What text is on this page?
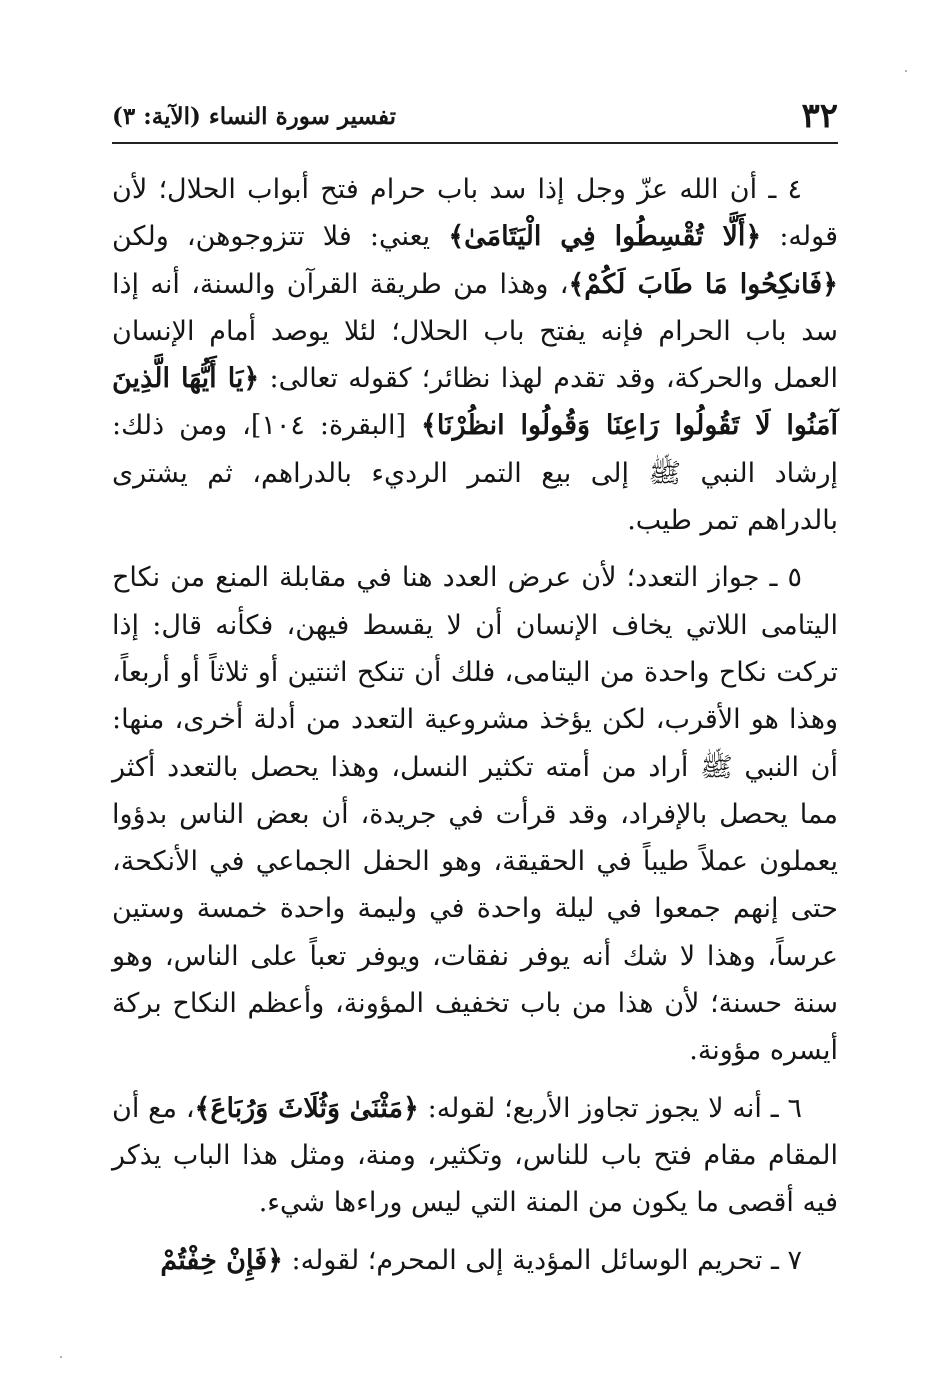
٣٢
تفسير سورة النساء (الآية: ٣)

٤ ـ أن الله عزّ وجل إذا سد باب حرام فتح أبواب الحلال؛ لأن قوله: ﴿أَلَّا تُقْسِطُوا فِي الْيَتَامَىٰ﴾ يعني: فلا تتزوجوهن، ولكن ﴿فَانكِحُوا مَا طَابَ لَكُمْ﴾، وهذا من طريقة القرآن والسنة، أنه إذا سد باب الحرام فإنه يفتح باب الحلال؛ لئلا يوصد أمام الإنسان العمل والحركة، وقد تقدم لهذا نظائر؛ كقوله تعالى: ﴿يَا أَيُّهَا الَّذِينَ آمَنُوا لَا تَقُولُوا رَاعِنَا وَقُولُوا انظُرْنَا﴾ [البقرة: ١٠٤]، ومن ذلك: إرشاد النبي ﷺ إلى بيع التمر الرديء بالدراهم، ثم يشترى بالدراهم تمر طيب.

٥ ـ جواز التعدد؛ لأن عرض العدد هنا في مقابلة المنع من نكاح اليتامى اللاتي يخاف الإنسان أن لا يقسط فيهن، فكأنه قال: إذا تركت نكاح واحدة من اليتامى، فلك أن تنكح اثنتين أو ثلاثاً أو أربعاً، وهذا هو الأقرب، لكن يؤخذ مشروعية التعدد من أدلة أخرى، منها: أن النبي ﷺ أراد من أمته تكثير النسل، وهذا يحصل بالتعدد أكثر مما يحصل بالإفراد، وقد قرأت في جريدة، أن بعض الناس بدؤوا يعملون عملاً طيباً في الحقيقة، وهو الحفل الجماعي في الأنكحة، حتى إنهم جمعوا في ليلة واحدة في وليمة واحدة خمسة وستين عرساً، وهذا لا شك أنه يوفر نفقات، ويوفر تعباً على الناس، وهو سنة حسنة؛ لأن هذا من باب تخفيف المؤونة، وأعظم النكاح بركة أيسره مؤونة.

٦ ـ أنه لا يجوز تجاوز الأربع؛ لقوله: ﴿مَثْنَىٰ وَثُلَاثَ وَرُبَاعَ﴾، مع أن المقام مقام فتح باب للناس، وتكثير، ومنة، ومثل هذا الباب يذكر فيه أقصى ما يكون من المنة التي ليس وراءها شيء.

٧ ـ تحريم الوسائل المؤدية إلى المحرم؛ لقوله: ﴿فَإِنْ خِفْتُمْ
